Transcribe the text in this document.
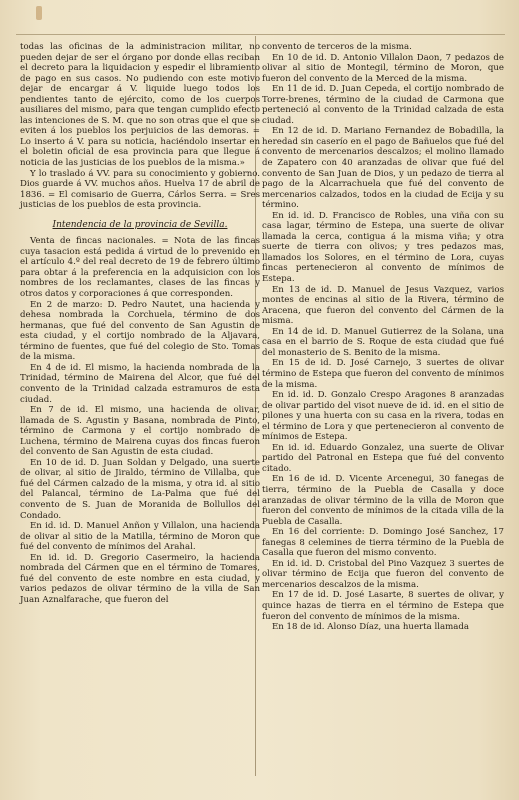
todas las oficinas de la administracion militar, no pueden dejar de ser el órgano por donde ellas reciban el decreto para la liquidacion y espedir el libramiento de pago en sus casos. No pudiendo con este motivo dejar de encargar á V. liquide luego todos los pendientes tanto de ejército, como de los cuerpos ausiliares del mismo, para que tengan cumplido efecto las intenciones de S. M. que no son otras que el que se eviten á los pueblos los perjuicios de las demoras. = Lo inserto á V. para su noticia, haciéndolo insertar en el boletin oficial de esa provincia para que llegue á noticia de las justicias de los pueblos de la misma.»

Y lo traslado á VV. para su conocimiento y gobierno. Dios guarde á VV. muchos años. Huelva 17 de abril de 1836. = El comisario de Guerra, Cárlos Serra. = Sres justicias de los pueblos de esta provincia.

Intendencia de la provincia de Sevilla.

Venta de fincas nacionales. = Nota de las fincas cuya tasacion está pedida á virtud de lo prevenido en el artículo 4.º del real decreto de 19 de febrero último para obtar á la preferencia en la adquisicion con los nombres de los reclamantes, clases de las fincas y otros datos y corporaciones á que corresponden.

En 2 de marzo: D. Pedro Nautet, una hacienda y dehesa nombrada la Corchuela, término de dos hermanas, que fué del convento de San Agustin de esta ciudad, y el cortijo nombrado de la Aljavara, término de fuentes, que fué del colegio de Sto. Tomas de la misma.

En 4 de id. El mismo, la hacienda nombrada de la Trinidad, término de Mairena del Alcor, que fué del convento de la Trinidad calzada estramuros de esta ciudad.

En 7 de id. El mismo, una hacienda de olivar, llamada de S. Agustin y Basana, nombrada de Pinto, término de Carmona y el cortijo nombrado de Luchena, término de Mairena cuyas dos fincas fueron del convento de San Agustin de esta ciudad.

En 10 de id. D. Juan Soldan y Delgado, una suerte de olivar, al sitio de Jiraldo, término de Villalba, que fué del Cármen calzado de la misma, y otra id. al sitio del Palancal, término de La-Palma que fué del convento de S. Juan de Moranida de Bollullos del Condado.

En id. id. D. Manuel Anñon y Villalon, una hacienda de olivar al sitio de la Matilla, término de Moron que fué del convento de mínimos del Arahal.

En id. id. D. Gregorio Casermeiro, la hacienda nombrada del Cármen que en el término de Tomares, fué del convento de este nombre en esta ciudad, y varios pedazos de olivar término de la villa de San Juan Aznalfarache, que fueron del

convento de terceros de la misma.

En 10 de id. D. Antonio Villalon Daon, 7 pedazos de olivar al sitio de Montegil, término de Moron, que fueron del convento de la Merced de la misma.

En 11 de id. D. Juan Cepeda, el cortijo nombrado de Torre-brenes, término de la ciudad de Carmona que perteneció al convento de la Trinidad calzada de esta ciudad.

En 12 de id. D. Mariano Fernandez de Bobadilla, la heredad sin caserío en el pago de Bañuelos que fué del convento de mercenarios descalzos; el molino llamado de Zapatero con 40 aranzadas de olivar que fué del convento de San Juan de Dios, y un pedazo de tierra al pago de la Alcarrachuela que fué del convento de mercenarios calzados, todos en la ciudad de Ecija y su término.

En id. id. D. Francisco de Robles, una viña con su casa lagar, término de Estepa, una suerte de olivar llamada la cerca, contigua á la misma viña; y otra suerte de tierra con olivos; y tres pedazos mas, llamados los Solores, en el término de Lora, cuyas fincas pertenecieron al convento de mínimos de Estepa.

En 13 de id. D. Manuel de Jesus Vazquez, varios montes de encinas al sitio de la Rivera, término de Aracena, que fueron del convento del Cármen de la misma.

En 14 de id. D. Manuel Gutierrez de la Solana, una casa en el barrio de S. Roque de esta ciudad que fué del monasterio de S. Benito de la misma.

En 15 de id. D. José Carnejo, 3 suertes de olivar término de Estepa que fueron del convento de mínimos de la misma.

En id. id. D. Gonzalo Crespo Aragones 8 aranzadas de olivar partido del visot nueve de id. id. en el sitio de pilones y una huerta con su casa en la rivera, todas en el término de Lora y que pertenecieron al convento de mínimos de Estepa.

En id. id. Eduardo Gonzalez, una suerte de Olivar partido del Patronal en Estepa que fué del convento citado.

En 16 de id. D. Vicente Arcenegui, 30 fanegas de tierra, término de la Puebla de Casalla y doce aranzadas de olivar término de la villa de Moron que fueron del convento de mínimos de la citada villa de la Puebla de Casalla.

En 16 del corriente: D. Domingo José Sanchez, 17 fanegas 8 celemines de tierra término de la Puebla de Casalla que fueron del mismo convento.

En id. id. D. Cristobal del Pino Vazquez 3 suertes de olivar término de Ecija que fueron del convento de mercenarios descalzos de la misma.

En 17 de id. D. José Lasarte, 8 suertes de olivar, y quince hazas de tierra en el término de Estepa que fueron del convento de mínimos de la misma.

En 18 de id. Alonso Díaz, una huerta llamada
